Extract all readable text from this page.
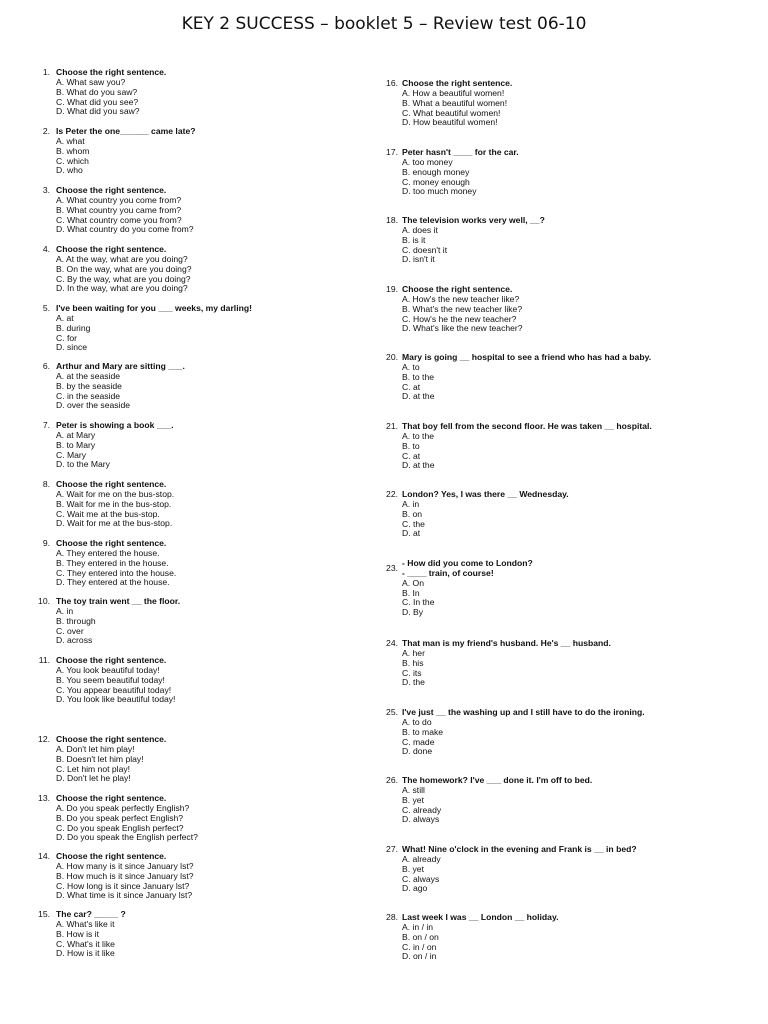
KEY 2 SUCCESS – booklet 5 – Review test 06-10
1. Choose the right sentence.
A. What saw you?
B. What do you saw?
C. What did you see?
D. What did you saw?
2. Is Peter the one______ came late?
A. what
B. whom
C. which
D. who
3. Choose the right sentence.
A. What country you come from?
B. What country you came from?
C. What country come you from?
D. What country do you come from?
4. Choose the right sentence.
A. At the way, what are you doing?
B. On the way, what are you doing?
C. By the way, what are you doing?
D. In the way, what are you doing?
5. I've been waiting for you ___ weeks, my darling!
A. at
B. during
C. for
D. since
6. Arthur and Mary are sitting ___.
A. at the seaside
B. by the seaside
C. in the seaside
D. over the seaside
7. Peter is showing a book ___.
A. at Mary
B. to Mary
C. Mary
D. to the Mary
8. Choose the right sentence.
A. Wait for me on the bus-stop.
B. Wait for me in the bus-stop.
C. Wait me at the bus-stop.
D. Wait for me at the bus-stop.
9. Choose the right sentence.
A. They entered the house.
B. They entered in the house.
C. They entered into the house.
D. They entered at the house.
10. The toy train went __ the floor.
A. in
B. through
C. over
D. across
11. Choose the right sentence.
A. You look beautiful today!
B. You seem beautiful today!
C. You appear beautiful today!
D. You look like beautiful today!
12. Choose the right sentence.
A. Don't let him play!
B. Doesn't let him play!
C. Let him not play!
D. Don't let he play!
13. Choose the right sentence.
A. Do you speak perfectly English?
B. Do you speak perfect English?
C. Do you speak English perfect?
D. Do you speak the English perfect?
14. Choose the right sentence.
A. How many is it since January lst?
B. How much is it since January lst?
C. How long is it since January lst?
D. What time is it since January lst?
15. The car? _____ ?
A. What's like it
B. How is it
C. What's it like
D. How is it like
16. Choose the right sentence.
A. How a beautiful women!
B. What a beautiful women!
C. What beautiful women!
D. How beautiful women!
17. Peter hasn't ____ for the car.
A. too money
B. enough money
C. money enough
D. too much money
18. The television works very well, __?
A. does it
B. is it
C. doesn't it
D. isn't it
19. Choose the right sentence.
A. How's the new teacher like?
B. What's the new teacher like?
C. How's he the new teacher?
D. What's like the new teacher?
20. Mary is going __ hospital to see a friend who has had a baby.
A. to
B. to the
C. at
D. at the
21. That boy fell from the second floor. He was taken __ hospital.
A. to the
B. to
C. at
D. at the
22. London? Yes, I was there __ Wednesday.
A. in
B. on
C. the
D. at
23. - How did you come to London?
- ____ train, of course!
A. On
B. In
C. In the
D. By
24. That man is my friend's husband. He's __ husband.
A. her
B. his
C. its
D. the
25. I've just __ the washing up and I still have to do the ironing.
A. to do
B. to make
C. made
D. done
26. The homework? I've ___ done it. I'm off to bed.
A. still
B. yet
C. already
D. always
27. What! Nine o'clock in the evening and Frank is __ in bed?
A. already
B. yet
C. always
D. ago
28. Last week I was __ London __ holiday.
A. in / in
B. on / on
C. in / on
D. on / in
